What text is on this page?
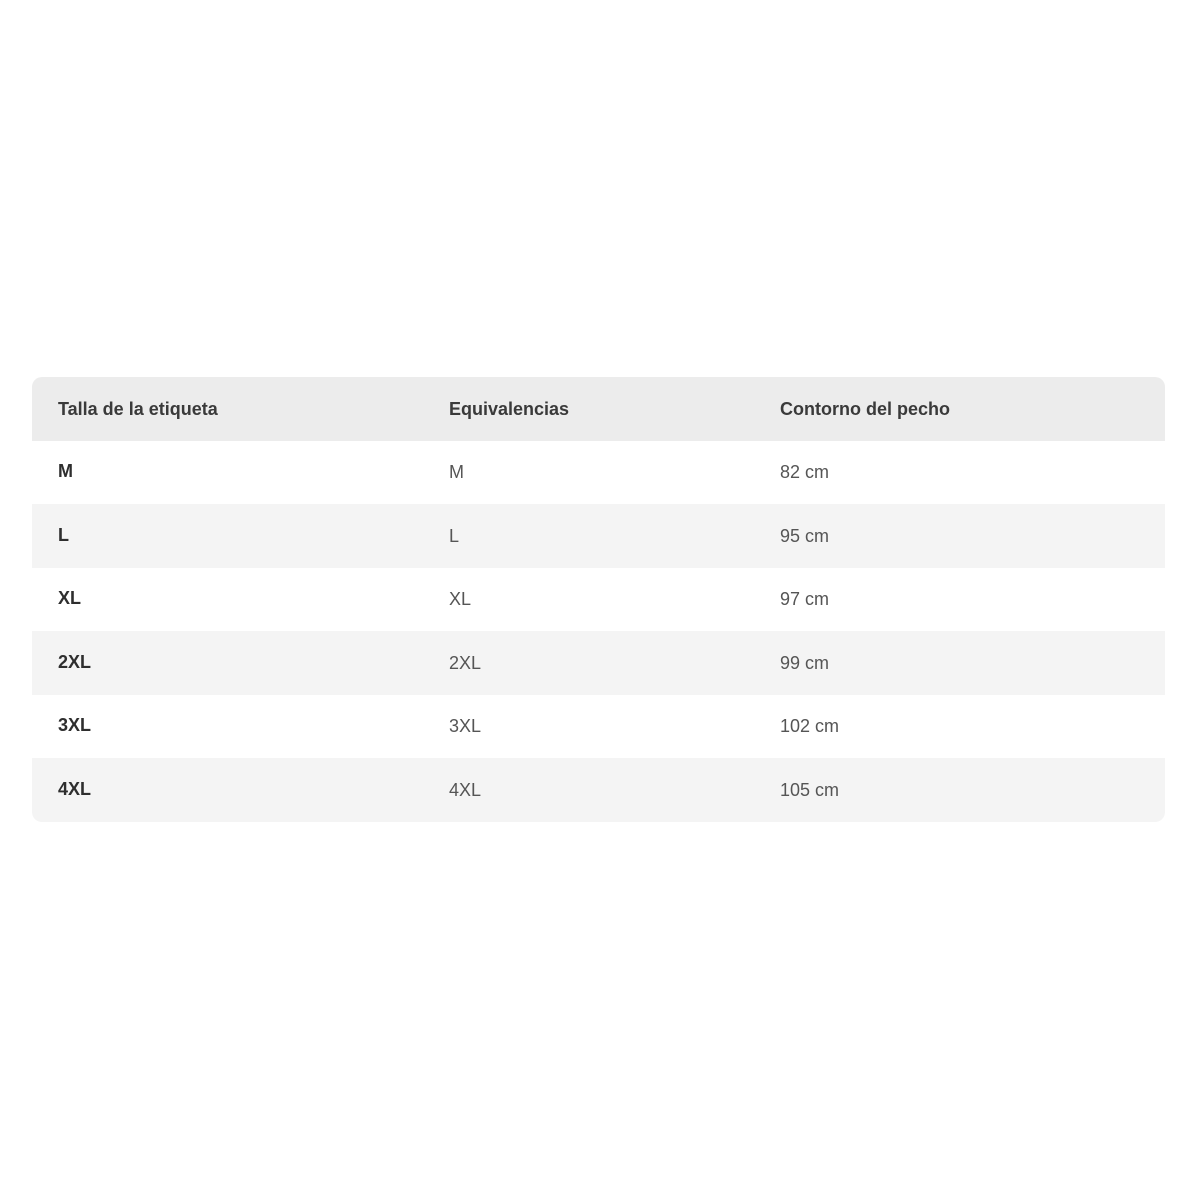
Talla de la etiqueta	Equivalencias	Contorno del pecho
M	M	82 cm
L	L	95 cm
XL	XL	97 cm
2XL	2XL	99 cm
3XL	3XL	102 cm
4XL	4XL	105 cm
